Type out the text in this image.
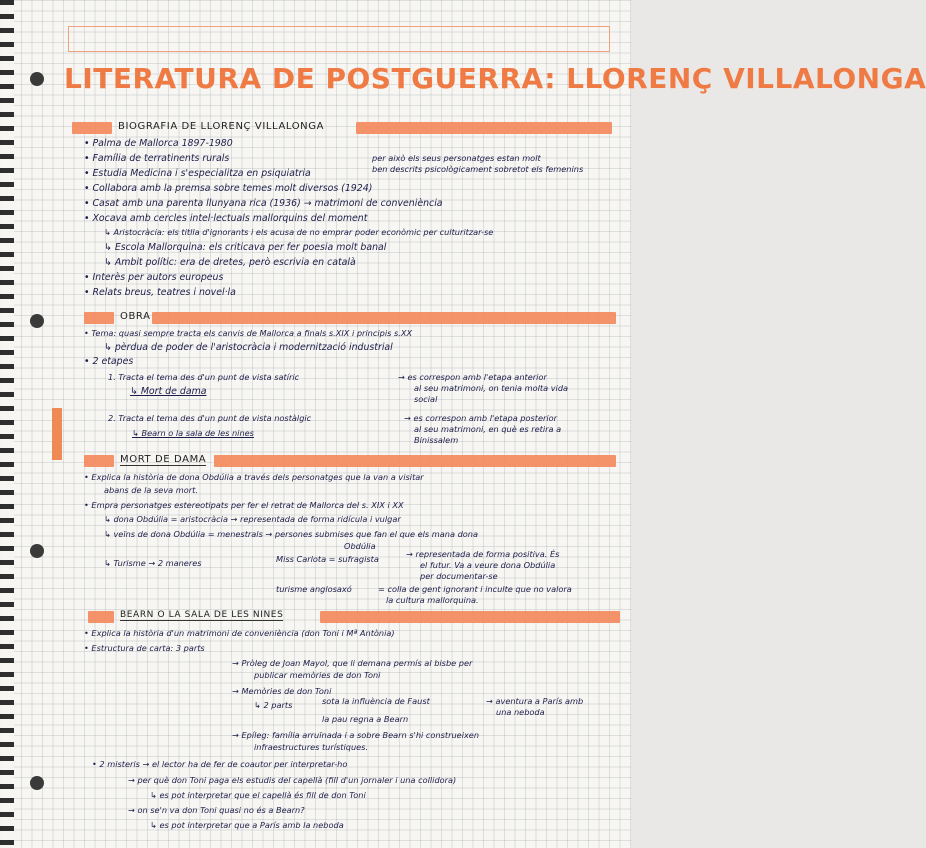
LITERATURA DE POSTGUERRA: LLORENÇ VILLALONGA
BIOGRAFIA DE LLORENÇ VILLALONGA
• Palma de Mallorca 1897-1980
• Família de terratinents rurals
• Estudia Medicina i s'especialitza en psiquiatria
per això els seus personatges estan molt
ben descrits psicològicament sobretot els femenins
• Collabora amb la premsa sobre temes molt diversos (1924)
• Casat amb una parenta llunyana rica (1936) → matrimoni de conveniència
• Xocava amb cercles intel·lectuals mallorquins del moment
↳ Aristocràcia: els titlla d'ignorants i els acusa de no emprar poder econòmic per culturitzar-se
↳ Escola Mallorquina: els criticava per fer poesia molt banal
↳ Ambit polític: era de dretes, però escrivia en català
• Interès per autors europeus
• Relats breus, teatres i novel·la
OBRA
• Tema: quasi sempre tracta els canvis de Mallorca a finals s.XIX i principis s.XX
↳ pèrdua de poder de l'aristocràcia i modernització industrial
• 2 etapes
1. Tracta el tema des d'un punt de vista satíric	→ es correspon amb l'etapa anterior
al seu matrimoni, on tenia molta vida
social
↳ Mort de dama
2. Tracta el tema des d'un punt de vista nostàlgic	→ es correspon amb l'etapa posterior
al seu matrimoni, en què es retira a
Binissalem
↳ Bearn o la sala de les nines
MORT DE DAMA
• Explica la història de dona Obdúlia a través dels personatges que la van a visitar
abans de la seva mort.
• Empra personatges estereotipats per fer el retrat de Mallorca del s. XIX i XX
↳ dona Obdúlia = aristocràcia → representada de forma ridícula i vulgar
↳ veïns de dona Obdúlia = menestrals → persones submises que fan el que els mana dona
Obdúlia
↳ Turisme → 2 maneres	Miss Carlota = sufragista	→ representada de forma positiva. És
el futur. Va a veure dona Obdúlia
per documentar-se
turisme anglosaxó	= colla de gent ignorant i inculte que no valora
la cultura mallorquina.
BEARN O LA SALA DE LES NINES
• Explica la història d'un matrimoni de conveniència (don Toni i Mª Antònia)
• Estructura de carta: 3 parts
→ Pròleg de Joan Mayol, que li demana permís al bisbe per
publicar memòries de don Toni
→ Memòries de don Toni
↳ 2 parts	sota la influència de Faust	→ aventura a París amb
una neboda
la pau regna a Bearn
→ Epíleg: família arruïnada i a sobre Bearn s'hi construeixen
infraestructures turístiques.
• 2 misteris → el lector ha de fer de coautor per interpretar-ho
→ per què don Toni paga els estudis del capellà (fill d'un jornaler i una collidora)
↳ es pot interpretar que el capellà és fill de don Toni
→ on se'n va don Toni quasi no és a Bearn?
↳ es pot interpretar que a París amb la neboda
